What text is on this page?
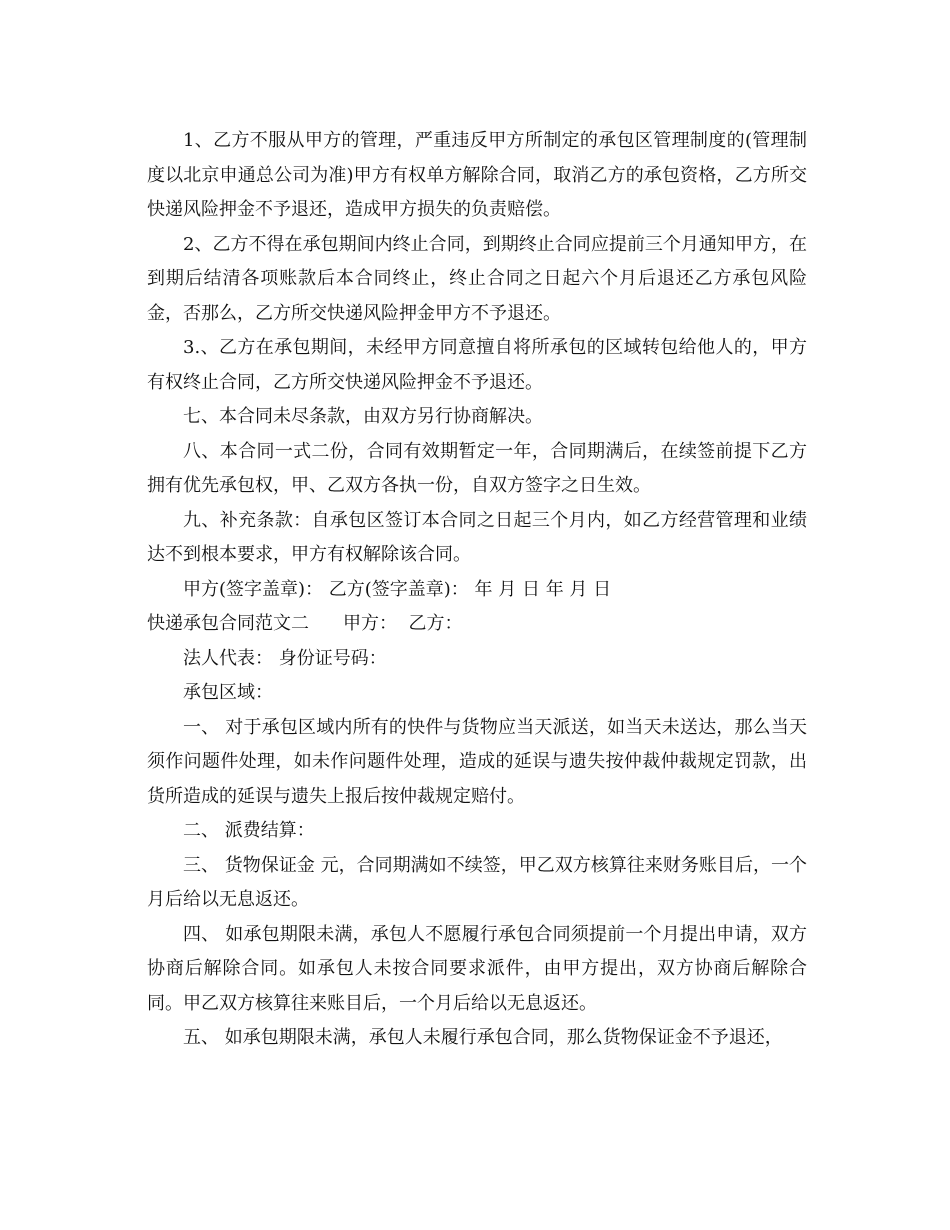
1、乙方不服从甲方的管理，严重违反甲方所制定的承包区管理制度的(管理制度以北京申通总公司为准)甲方有权单方解除合同，取消乙方的承包资格，乙方所交快递风险押金不予退还，造成甲方损失的负责赔偿。

2、乙方不得在承包期间内终止合同，到期终止合同应提前三个月通知甲方，在到期后结清各项账款后本合同终止，终止合同之日起六个月后退还乙方承包风险金，否那么，乙方所交快递风险押金甲方不予退还。

3.、乙方在承包期间，未经甲方同意擅自将所承包的区域转包给他人的，甲方有权终止合同，乙方所交快递风险押金不予退还。

七、本合同未尽条款，由双方另行协商解决。

八、本合同一式二份，合同有效期暂定一年，合同期满后，在续签前提下乙方拥有优先承包权，甲、乙双方各执一份，自双方签字之日生效。

九、补充条款：自承包区签订本合同之日起三个月内，如乙方经营管理和业绩达不到根本要求，甲方有权解除该合同。

甲方(签字盖章)： 乙方(签字盖章)： 年 月 日 年 月 日

快递承包合同范文二 甲方： 乙方：

法人代表： 身份证号码：

承包区域：

一、 对于承包区域内所有的快件与货物应当天派送，如当天未送达，那么当天须作问题件处理，如未作问题件处理，造成的延误与遗失按仲裁仲裁规定罚款，出货所造成的延误与遗失上报后按仲裁规定赔付。

二、 派费结算：

三、 货物保证金 元，合同期满如不续签，甲乙双方核算往来财务账目后，一个月后给以无息返还。

四、 如承包期限未满，承包人不愿履行承包合同须提前一个月提出申请，双方协商后解除合同。如承包人未按合同要求派件，由甲方提出，双方协商后解除合同。甲乙双方核算往来账目后，一个月后给以无息返还。

五、 如承包期限未满，承包人未履行承包合同，那么货物保证金不予退还，
